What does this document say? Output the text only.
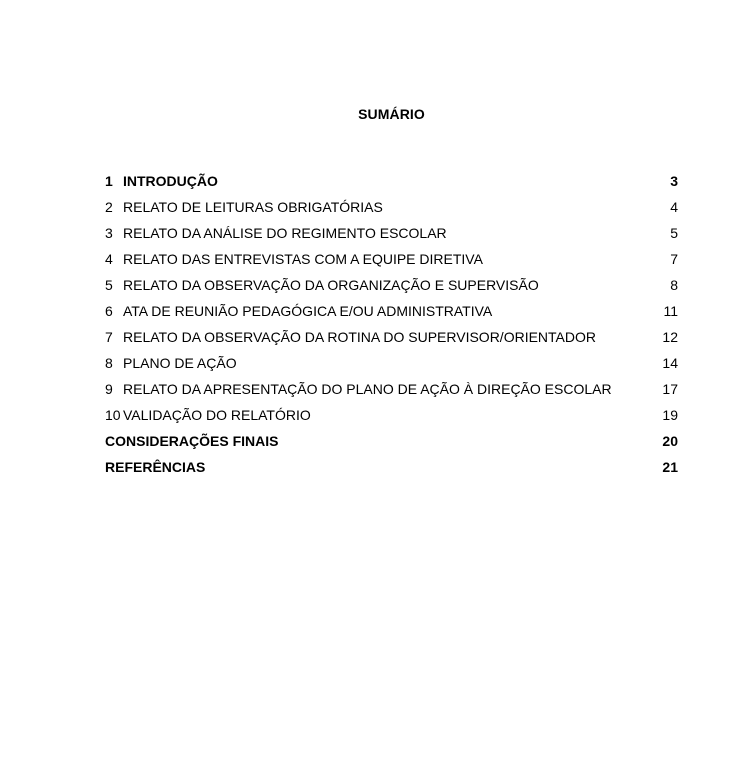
SUMÁRIO
1 INTRODUÇÃO	3
2 RELATO DE LEITURAS OBRIGATÓRIAS	4
3 RELATO DA ANÁLISE DO REGIMENTO ESCOLAR	5
4 RELATO DAS ENTREVISTAS COM A EQUIPE DIRETIVA	7
5 RELATO DA OBSERVAÇÃO DA ORGANIZAÇÃO E SUPERVISÃO	8
6 ATA DE REUNIÃO PEDAGÓGICA E/OU ADMINISTRATIVA	11
7 RELATO DA OBSERVAÇÃO DA ROTINA DO SUPERVISOR/ORIENTADOR	12
8 PLANO DE AÇÃO	14
9 RELATO DA APRESENTAÇÃO DO PLANO DE AÇÃO À DIREÇÃO ESCOLAR	17
10 VALIDAÇÃO DO RELATÓRIO	19
CONSIDERAÇÕES FINAIS	20
REFERÊNCIAS	21
